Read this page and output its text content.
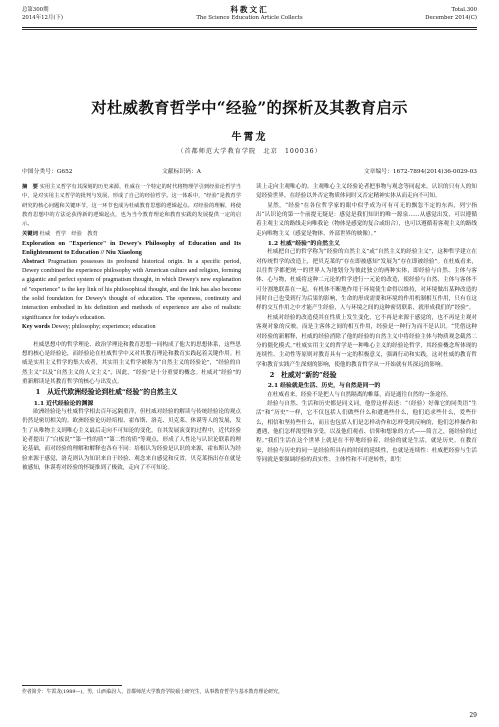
总第300期
2014年12月(下)
科教文汇
The Science Education Article Collects
Total.300
December 2014(C)
对杜威教育哲学中“经验”的探析及其教育启示
牛霄龙
（首都师范大学教育学院　北京　100036）
中图分类号：G652	文献标识码：A	文章编号：1672-7894(2014)36-0029-03

摘　要 实用主义哲学有其深刻的历史来源，杜威在一个特定的时代将物理学引到经验论哲学当中，是对实用主义哲学的批判与发展，形成了自己的经验哲学。这一体系中，“经验”是教育学研究的核心问题和关键环节，这一环节也成为杜威教育思想的逻辑起点。对经验的理解，将使教育思想中的方法论获得新的逻辑起点，也为当今教育理论和教育实践的发展提供一定的启示。

关键词 杜威　哲学　经验　教育

Exploration on "Experience" in Dewey's Philosophy of Education and Its Enlightenment to Education // Niu Xiaolong

Abstract Pragmatism possesses its profound historical origin. In a specific period, Dewey combined the experience philosophy with American culture and religion, forming a gigantic and perfect system of pragmatism thought, in which Dewey's new explanation of "experience" is the key link of his philosophical thought, and the link has also become the solid foundation for Dewey's thought of education. The openness, continuity and interaction embodied in his definition and methods of experience are also of realistic significance for today's education.

Key words Dewey; philosophy; experience; education

杜威思想中的哲学理论、政治学理论和教育思想一同构成了他大的思想体系，这些思想的核心是经验论，而经验论在杜威哲学中又对其教育理论和教育实践起着关键作用。杜威是实用主义哲学的集大成者，其实用主义哲学被称为“自然主义的经验论”，“经验的自然主义”以及“自然主义的人文主义”，因此，“经验”是十分重要的概念。杜威对“经验”的重新解读是其教育哲学的核心与出发点。

1　从近代欧洲经验论到杜威“经验”的自然主义

1.1 近代经验论的渊源

欧洲经验论与杜威哲学相去百年远隔重洋，但杜威对经验的解读与传统经验论的观点仍然是密切相关的。欧洲经验论历经培根、霍布斯、洛克、贝克莱、休谟等人的发展，发生了从唯物主义到唯心主义最后走向不可知论的变化。在其发展演变的过程中，近代经验论者提出了“白板说”“第一性的质”“第二性的质”等观点，形成了人性论与认识论联系的理论基础，而对经验的理解和解释也各有不同：培根认为经验是认识的来源，霍布斯认为经验来源于感觉，洛克则认为知识来自于经验、观念来自感觉和反省，贝克莱指出存在就是被感知，休谟将对经验的怀疑推到了极致，走向了不可知论。

读上走向主观唯心的。主观唯心主义经验论者把事物与观念等同起来，认识的只有人的知觉经验世界，在经验以外否定物质体同时又否定精神实体从而走向不可知。

显然，“经验”在各位哲学家的眼中似乎成为可有可无的飘忽不定的东西，列宁指出“认识论的第一个前提无疑是：感觉是我们知识的唯一源泉……从感觉出发，可以遵循着主观主义的路线走向唯我论（物体是感觉的复合或组合），也可以遵循着客观主义的路线走向唯物主义（感觉是物体、外部世界的映像）。”

1.2 杜威“经验”的自然主义

杜威把自己的哲学称为“经验的自然主义”或“自然主义的经验主义”，这种哲学建立在对传统哲学的改造上，把贝克莱的“存在即被感知”发展为“存在即被经验”。在杜威看来，以往哲学都把统一的世界人为地划分为彼此独立的两种实体，即经验与自然、主体与客体、心与物，杜威将这种二元论的哲学进行一元论的改造，使经验与自然、主体与客体不可分割地联系在一起。有机体不断地作用于环境使生命得以维持，对环境做出某种改造的同时自己也受到行为后果的影响，生命的形成需要和环境的作用机制相互作用，只有在这样的交互作用之中才能产生经验，人与环境之间的这种密切联系，就形成我们的“经验”。

杜威对经验的改造使其在性质上发生变化，它不再是来源于感觉的，也不再是主观对客观对象的反映，而是主客体之间的相互作用，经验是一种行为而不是认识。“凭借这种对经验的新解释，杜威的经验消除了他的经验的自然主义中将经验主体与物质观念截然二分的僵化模式。”杜威实用主义的哲学是一种唯心主义的经验论哲学，其经验概念所体现的连续性、主动性等原则对教育具有一定的积极意义，强调行动和实践，这对杜威的教育哲学和教育实践产生深刻的影响，使他的教育哲学从一开始就有其深远的影响。

2　杜威对“新的”经验

2.1 经验就是生活、历史，与自然是同一的

在杜威看来，经验不是把人与自然隔离的帷幕，而是通往自然的一条途径。

经验与自然、生活和历史都是同义词，他曾这样表述：“（经验）好像它的同类语“生活”和“历史”一样，它不仅包括人们做些什么和遭遇些什么，他们追求些什么，爱些什么，相信和坚持些什么，而且也包括人们是怎样动作和怎样受到反响的，他们怎样操作和遭遇，他们怎样渴望和享受，以及他们观看、信仰和想象的方式——简言之，能经验的过程。”我们生活在这个世界上就是在不停地经验着，经验的就是生活，就是历史。在教育家，经验与历史的同一是经验所具有的时间的延续性，也就是连续性：杜威把经验与生活等同就是要强调经验的真实性、主体性和不可逆转性，即生

作者简介：牛霄龙(1989—)，男，山西临汾人，首都师范大学教育学院硕士研究生，从事教育哲学与基本教育理论研究。
29
